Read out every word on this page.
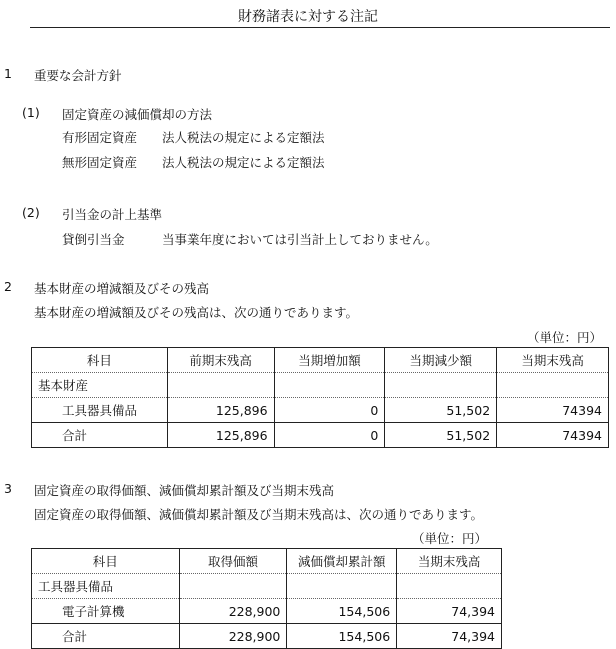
財務諸表に対する注記
1 重要な会計方針
(1) 固定資産の減価償却の方法
有形固定資産 法人税法の規定による定額法
無形固定資産 法人税法の規定による定額法
(2) 引当金の計上基準
貸倒引当金	当事業年度においては引当計上しておりません。
2 基本財産の増減額及びその残高
基本財産の増減額及びその残高は、次の通りであります。
（単位：円）
科目	前期末残高	当期増加額	当期減少額	当期末残高
基本財産				
工具器具備品	125,896	0	51,502	74394
合計	125,896	0	51,502	74394
3 固定資産の取得価額、減価償却累計額及び当期末残高
固定資産の取得価額、減価償却累計額及び当期末残高は、次の通りであります。
（単位：円）
科目	取得価額	減価償却累計額	当期末残高
工具器具備品			
電子計算機	228,900	154,506	74,394
合計	228,900	154,506	74,394
